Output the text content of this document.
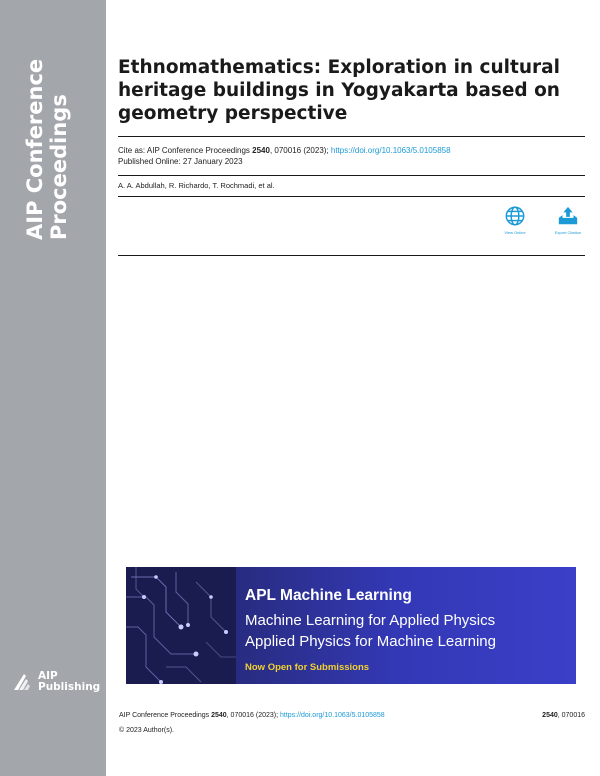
AIP Conference Proceedings
AIP
Publishing
Ethnomathematics: Exploration in cultural heritage buildings in Yogyakarta based on geometry perspective
Cite as: AIP Conference Proceedings 2540, 070016 (2023); https://doi.org/10.1063/5.0105858
Published Online: 27 January 2023
A. A. Abdullah, R. Richardo, T. Rochmadi, et al.
View Online	Export Citation
APL Machine Learning
Machine Learning for Applied Physics
Applied Physics for Machine Learning
Now Open for Submissions
AIP Conference Proceedings 2540, 070016 (2023); https://doi.org/10.1063/5.0105858	2540, 070016
© 2023 Author(s).
